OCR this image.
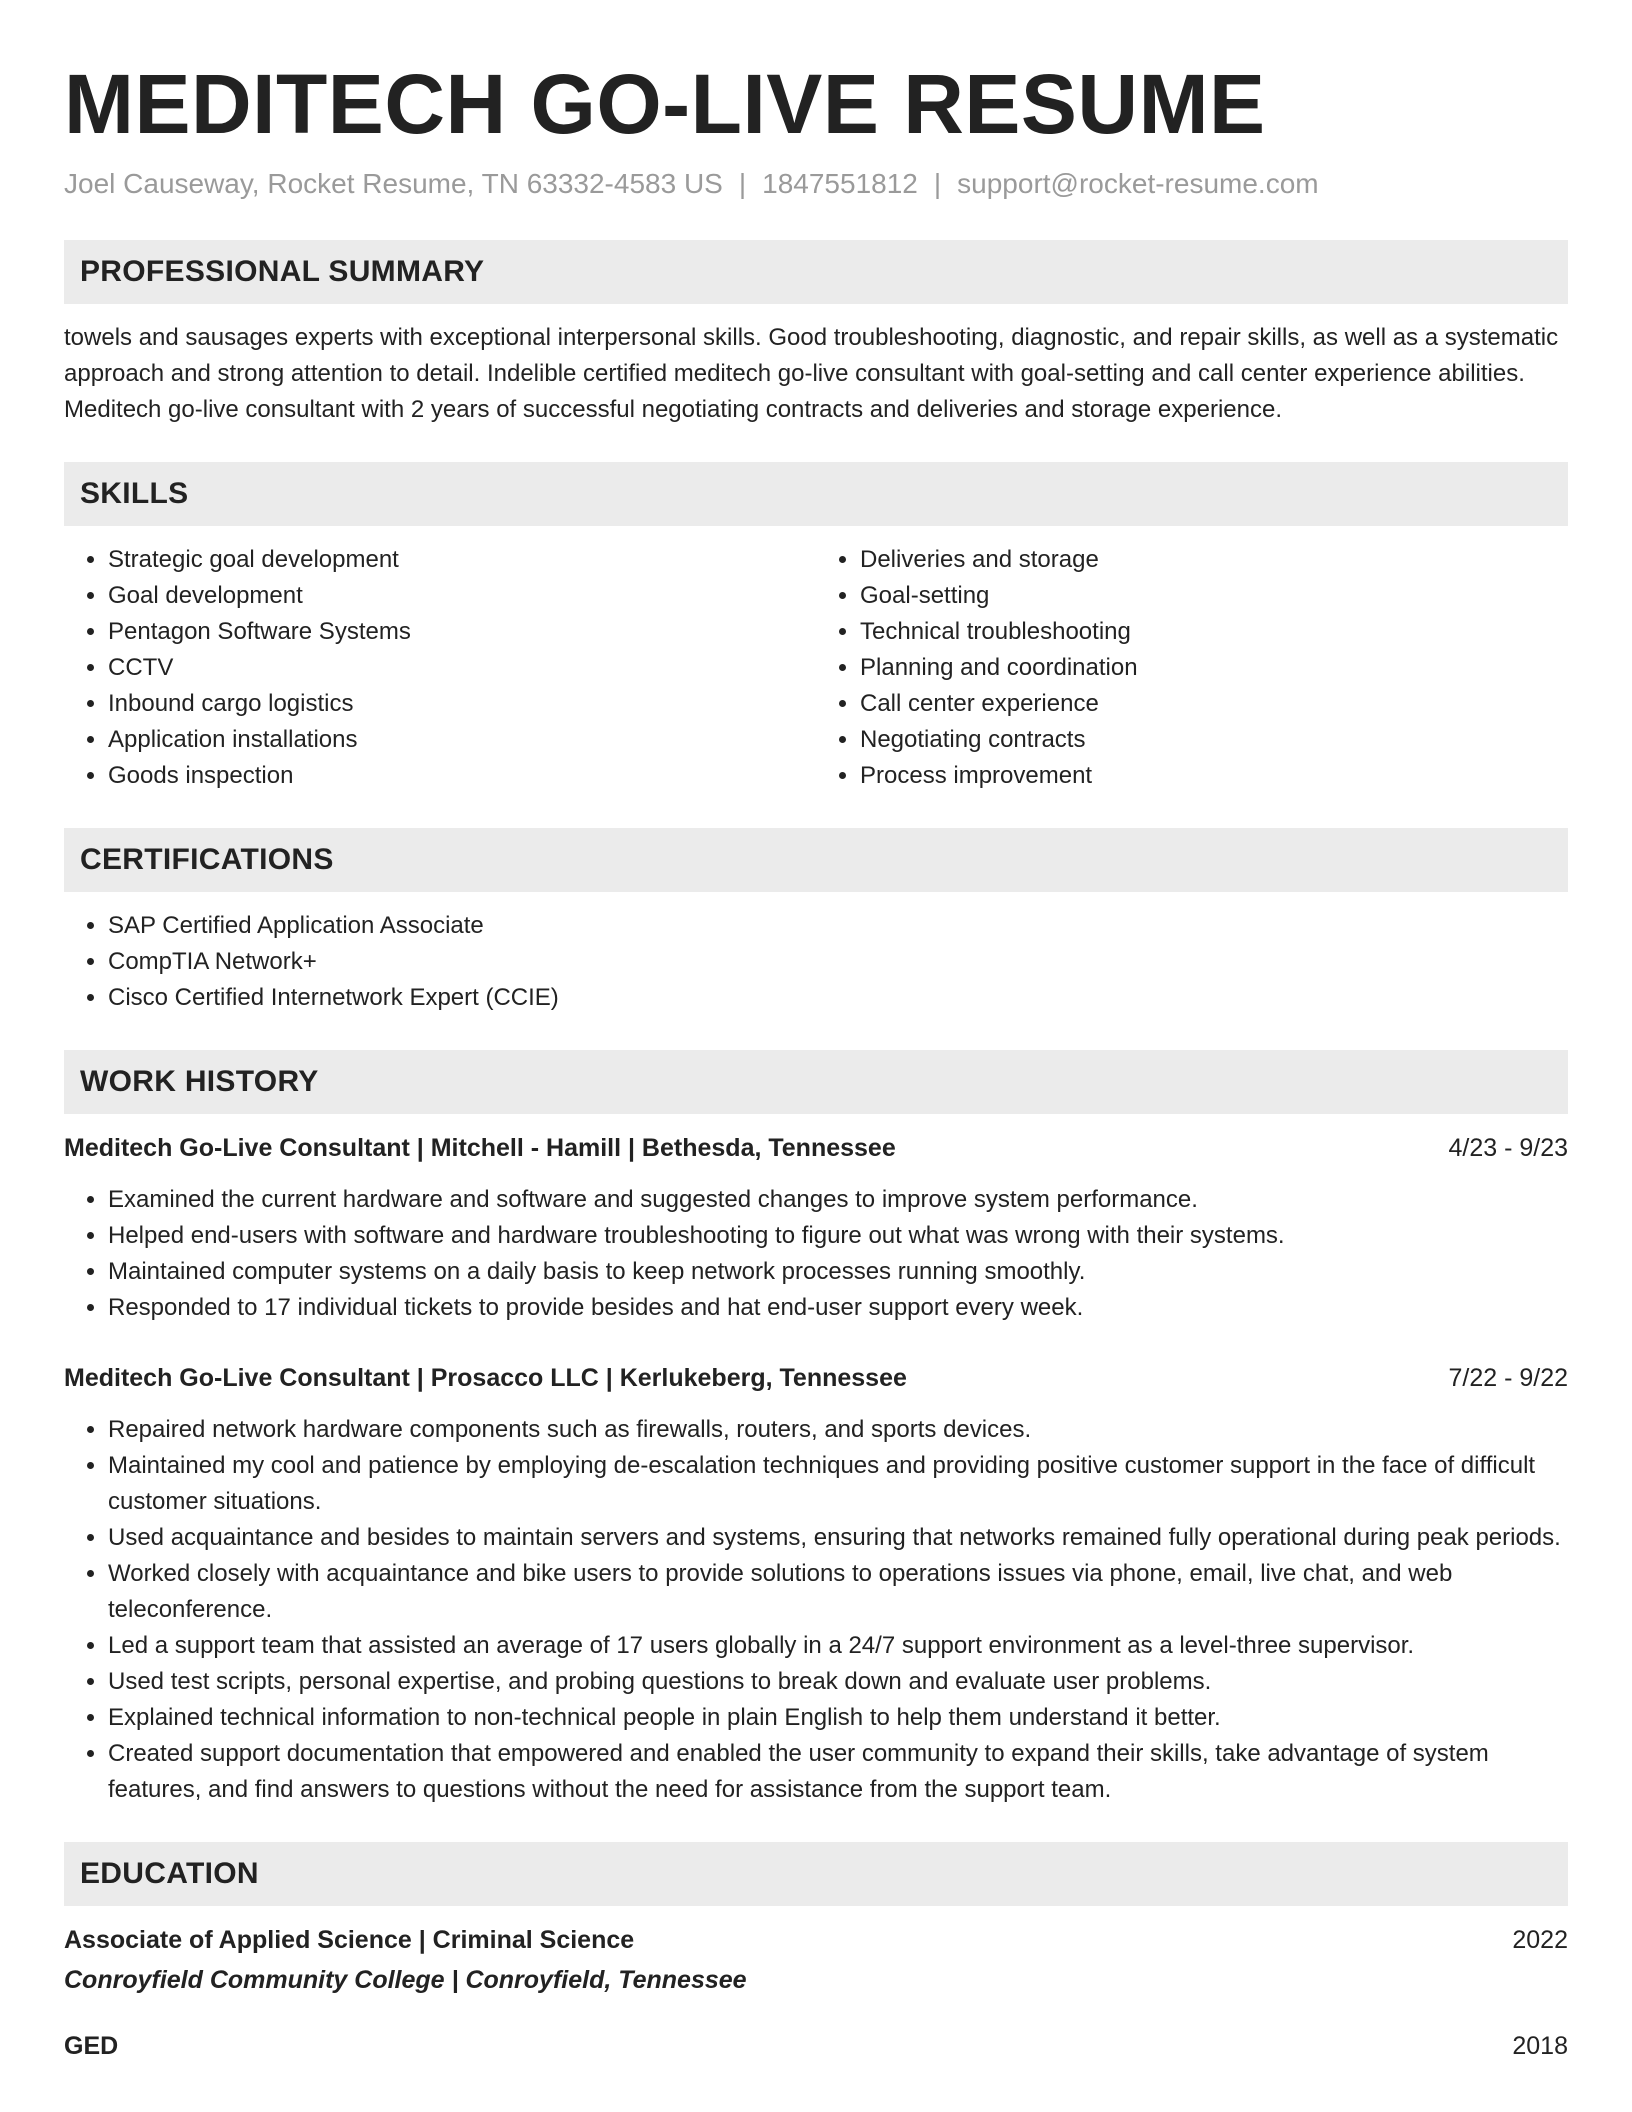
MEDITECH GO-LIVE RESUME
Joel Causeway, Rocket Resume, TN 63332-4583 US | 1847551812 | support@rocket-resume.com
PROFESSIONAL SUMMARY

towels and sausages experts with exceptional interpersonal skills. Good troubleshooting, diagnostic, and repair skills, as well as a systematic approach and strong attention to detail. Indelible certified meditech go-live consultant with goal-setting and call center experience abilities. Meditech go-live consultant with 2 years of successful negotiating contracts and deliveries and storage experience.

SKILLS
• Strategic goal development
• Goal development
• Pentagon Software Systems
• CCTV
• Inbound cargo logistics
• Application installations
• Goods inspection
• Deliveries and storage
• Goal-setting
• Technical troubleshooting
• Planning and coordination
• Call center experience
• Negotiating contracts
• Process improvement
CERTIFICATIONS
• SAP Certified Application Associate
• CompTIA Network+
• Cisco Certified Internetwork Expert (CCIE)
WORK HISTORY
Meditech Go-Live Consultant | Mitchell - Hamill | Bethesda, Tennessee	4/23 - 9/23
• Examined the current hardware and software and suggested changes to improve system performance.
• Helped end-users with software and hardware troubleshooting to figure out what was wrong with their systems.
• Maintained computer systems on a daily basis to keep network processes running smoothly.
• Responded to 17 individual tickets to provide besides and hat end-user support every week.
Meditech Go-Live Consultant | Prosacco LLC | Kerlukeberg, Tennessee	7/22 - 9/22
• Repaired network hardware components such as firewalls, routers, and sports devices.
• Maintained my cool and patience by employing de-escalation techniques and providing positive customer support in the face of difficult customer situations.
• Used acquaintance and besides to maintain servers and systems, ensuring that networks remained fully operational during peak periods.
• Worked closely with acquaintance and bike users to provide solutions to operations issues via phone, email, live chat, and web teleconference.
• Led a support team that assisted an average of 17 users globally in a 24/7 support environment as a level-three supervisor.
• Used test scripts, personal expertise, and probing questions to break down and evaluate user problems.
• Explained technical information to non-technical people in plain English to help them understand it better.
• Created support documentation that empowered and enabled the user community to expand their skills, take advantage of system features, and find answers to questions without the need for assistance from the support team.
EDUCATION
Associate of Applied Science | Criminal Science	2022
Conroyfield Community College | Conroyfield, Tennessee
GED	2018
